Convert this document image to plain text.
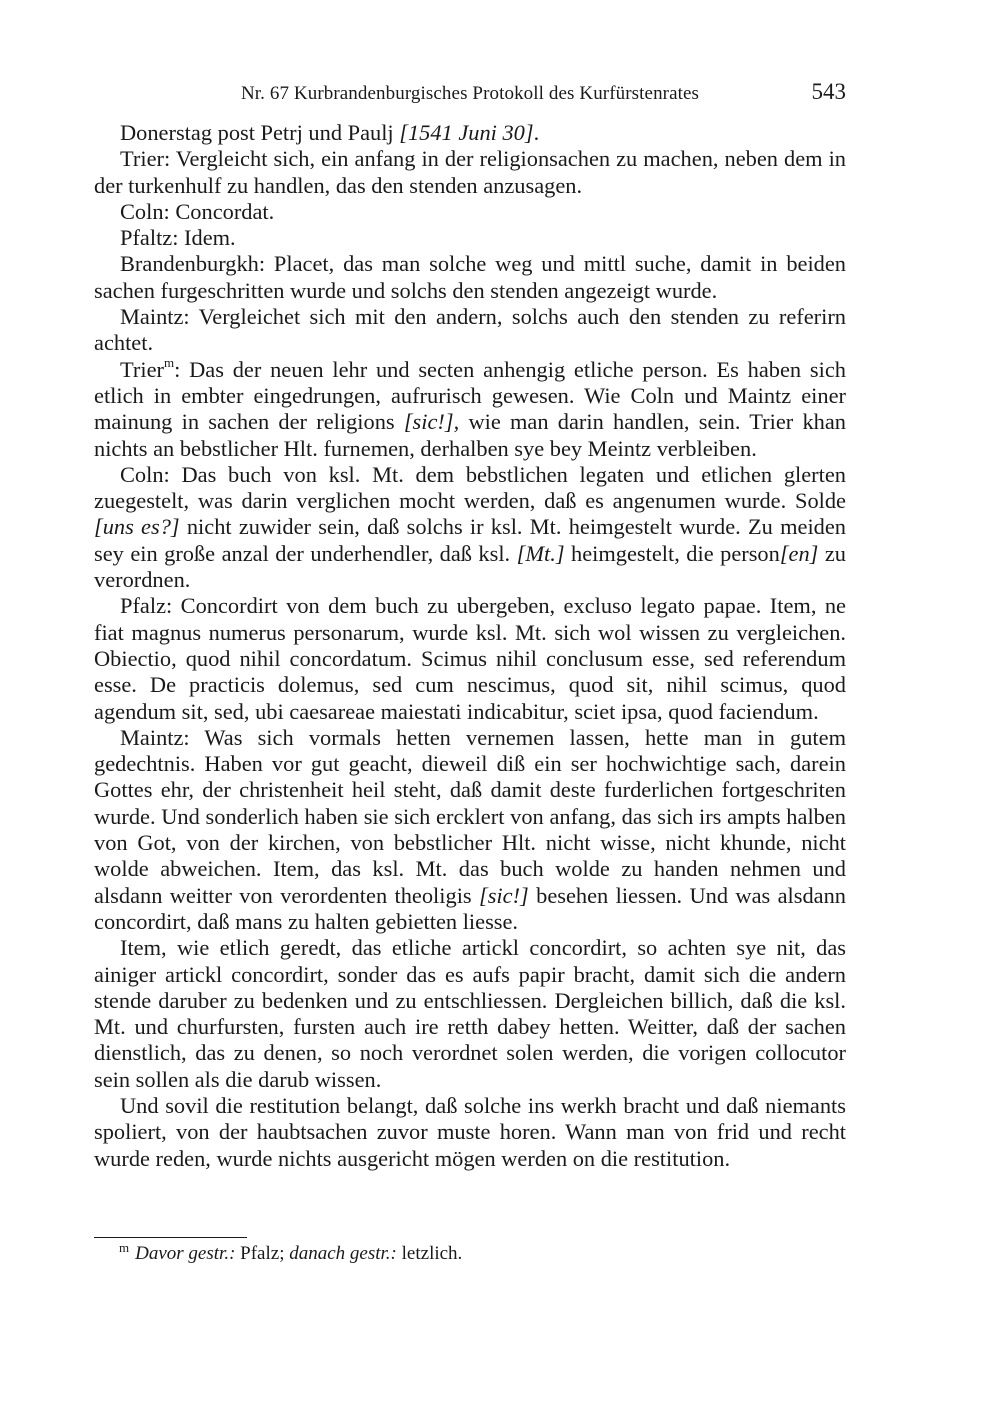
Nr. 67 Kurbrandenburgisches Protokoll des Kurfürstenrates	543

Donerstag post Petrj und Paulj [1541 Juni 30].

Trier: Vergleicht sich, ein anfang in der religionsachen zu machen, neben dem in der turkenhulf zu handlen, das den stenden anzusagen.

Coln: Concordat.

Pfaltz: Idem.

Brandenburgkh: Placet, das man solche weg und mittl suche, damit in beiden sachen furgeschritten wurde und solchs den stenden angezeigt wurde.

Maintz: Vergleichet sich mit den andern, solchs auch den stenden zu referirn achtet.

Trier$^m$: Das der neuen lehr und secten anhengig etliche person. Es haben sich etlich in embter eingedrungen, aufrurisch gewesen. Wie Coln und Maintz einer mainung in sachen der religions [sic!], wie man darin handlen, sein. Trier khan nichts an bebstlicher Hlt. furnemen, derhalben sye bey Meintz verbleiben.

Coln: Das buch von ksl. Mt. dem bebstlichen legaten und etlichen glerten zuegestelt, was darin verglichen mocht werden, daß es angenumen wurde. Solde [uns es?] nicht zuwider sein, daß solchs ir ksl. Mt. heimgestelt wurde. Zu meiden sey ein große anzal der underhendler, daß ksl. [Mt.] heimgestelt, die person[en] zu verordnen.

Pfalz: Concordirt von dem buch zu ubergeben, excluso legato papae. Item, ne fiat magnus numerus personarum, wurde ksl. Mt. sich wol wissen zu vergleichen. Obiectio, quod nihil concordatum. Scimus nihil conclusum esse, sed referendum esse. De practicis dolemus, sed cum nescimus, quod sit, nihil scimus, quod agendum sit, sed, ubi caesareae maiestati indicabitur, sciet ipsa, quod faciendum.

Maintz: Was sich vormals hetten vernemen lassen, hette man in gutem gedechtnis. Haben vor gut geacht, dieweil diß ein ser hochwichtige sach, darein Gottes ehr, der christenheit heil steht, daß damit deste furderlichen fortgeschriten wurde. Und sonderlich haben sie sich ercklert von anfang, das sich irs ampts halben von Got, von der kirchen, von bebstlicher Hlt. nicht wisse, nicht khunde, nicht wolde abweichen. Item, das ksl. Mt. das buch wolde zu handen nehmen und alsdann weitter von verordenten theoligis [sic!] besehen liessen. Und was alsdann concordirt, daß mans zu halten gebietten liesse.

Item, wie etlich geredt, das etliche artickl concordirt, so achten sye nit, das ainiger artickl concordirt, sonder das es aufs papir bracht, damit sich die andern stende daruber zu bedenken und zu entschliessen. Dergleichen billich, daß die ksl. Mt. und churfursten, fursten auch ire retth dabey hetten. Weitter, daß der sachen dienstlich, das zu denen, so noch verordnet solen werden, die vorigen collocutor sein sollen als die darub wissen.

Und sovil die restitution belangt, daß solche ins werkh bracht und daß niemants spoliert, von der haubtsachen zuvor muste horen. Wann man von frid und recht wurde reden, wurde nichts ausgericht mögen werden on die restitution.

$^m$ Davor gestr.: Pfalz; danach gestr.: letzlich.
